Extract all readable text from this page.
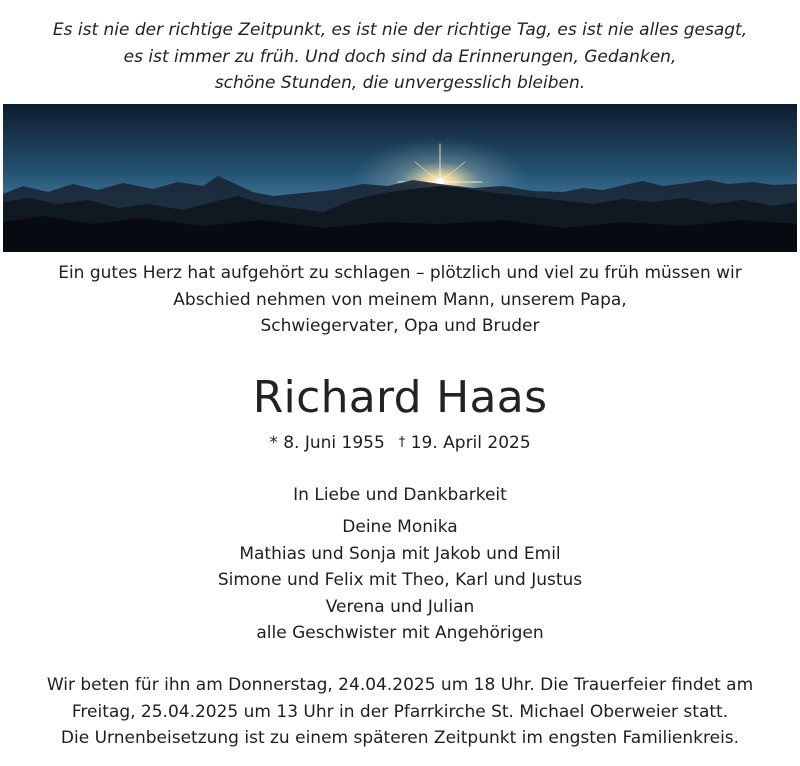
Es ist nie der richtige Zeitpunkt, es ist nie der richtige Tag, es ist nie alles gesagt,
es ist immer zu früh. Und doch sind da Erinnerungen, Gedanken,
schöne Stunden, die unvergesslich bleiben.
Ein gutes Herz hat aufgehört zu schlagen – plötzlich und viel zu früh müssen wir
Abschied nehmen von meinem Mann, unserem Papa,
Schwiegervater, Opa und Bruder
Richard Haas
* 8. Juni 1955 † 19. April 2025
In Liebe und Dankbarkeit
Deine Monika
Mathias und Sonja mit Jakob und Emil
Simone und Felix mit Theo, Karl und Justus
Verena und Julian
alle Geschwister mit Angehörigen
Wir beten für ihn am Donnerstag, 24.04.2025 um 18 Uhr. Die Trauerfeier findet am
Freitag, 25.04.2025 um 13 Uhr in der Pfarrkirche St. Michael Oberweier statt.
Die Urnenbeisetzung ist zu einem späteren Zeitpunkt im engsten Familienkreis.
